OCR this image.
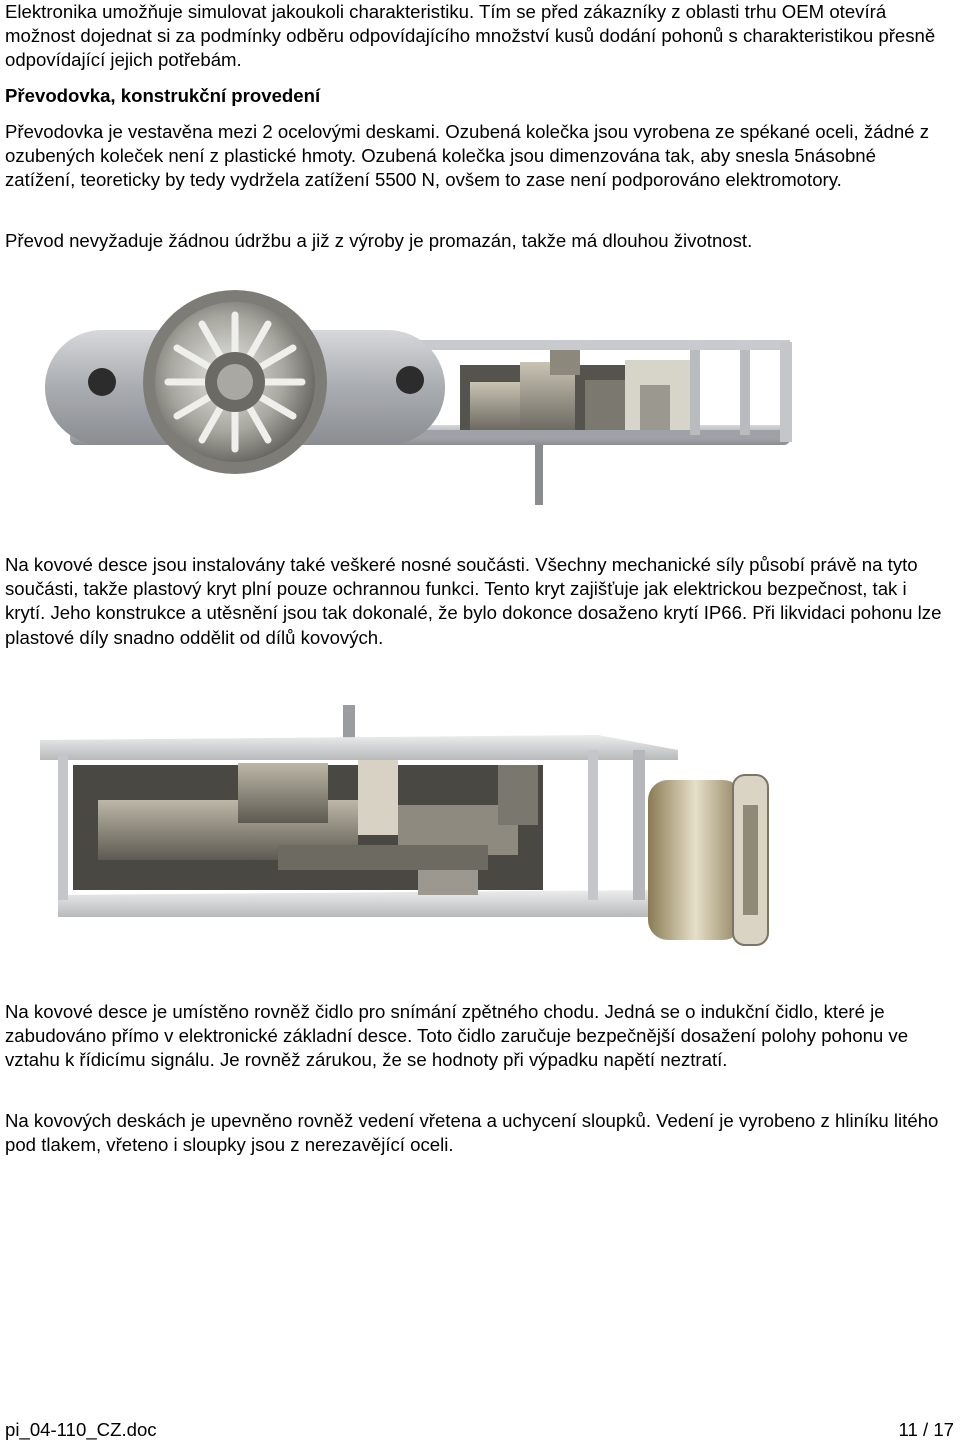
Elektronika umožňuje simulovat jakoukoli charakteristiku. Tím se před zákazníky z oblasti trhu OEM otevírá možnost dojednat si za podmínky odběru odpovídajícího množství kusů dodání pohonů s charakteristikou přesně odpovídající jejich potřebám.

Převodovka, konstrukční provedení

Převodovka je vestavěna mezi 2 ocelovými deskami. Ozubená kolečka jsou vyrobena ze spékané oceli, žádné z ozubených koleček není z plastické hmoty. Ozubená kolečka jsou dimenzována tak, aby snesla 5násobné zatížení, teoreticky by tedy vydržela zatížení 5500 N, ovšem to zase není podporováno elektromotory.

Převod nevyžaduje žádnou údržbu a již z výroby je promazán, takže má dlouhou životnost.

Na kovové desce jsou instalovány také veškeré nosné součásti. Všechny mechanické síly působí právě na tyto součásti, takže plastový kryt plní pouze ochrannou funkci. Tento kryt zajišťuje jak elektrickou bezpečnost, tak i krytí. Jeho konstrukce a utěsnění jsou tak dokonalé, že bylo dokonce dosaženo krytí IP66. Při likvidaci pohonu lze plastové díly snadno oddělit od dílů kovových.

Na kovové desce je umístěno rovněž čidlo pro snímání zpětného chodu. Jedná se o indukční čidlo, které je zabudováno přímo v elektronické základní desce. Toto čidlo zaručuje bezpečnější dosažení polohy pohonu ve vztahu k řídicímu signálu. Je rovněž zárukou, že se hodnoty při výpadku napětí neztratí.

Na kovových deskách je upevněno rovněž vedení vřetena a uchycení sloupků. Vedení je vyrobeno z hliníku litého pod tlakem, vřeteno i sloupky jsou z nerezavějící oceli.

pi_04-110_CZ.doc	11 / 17
